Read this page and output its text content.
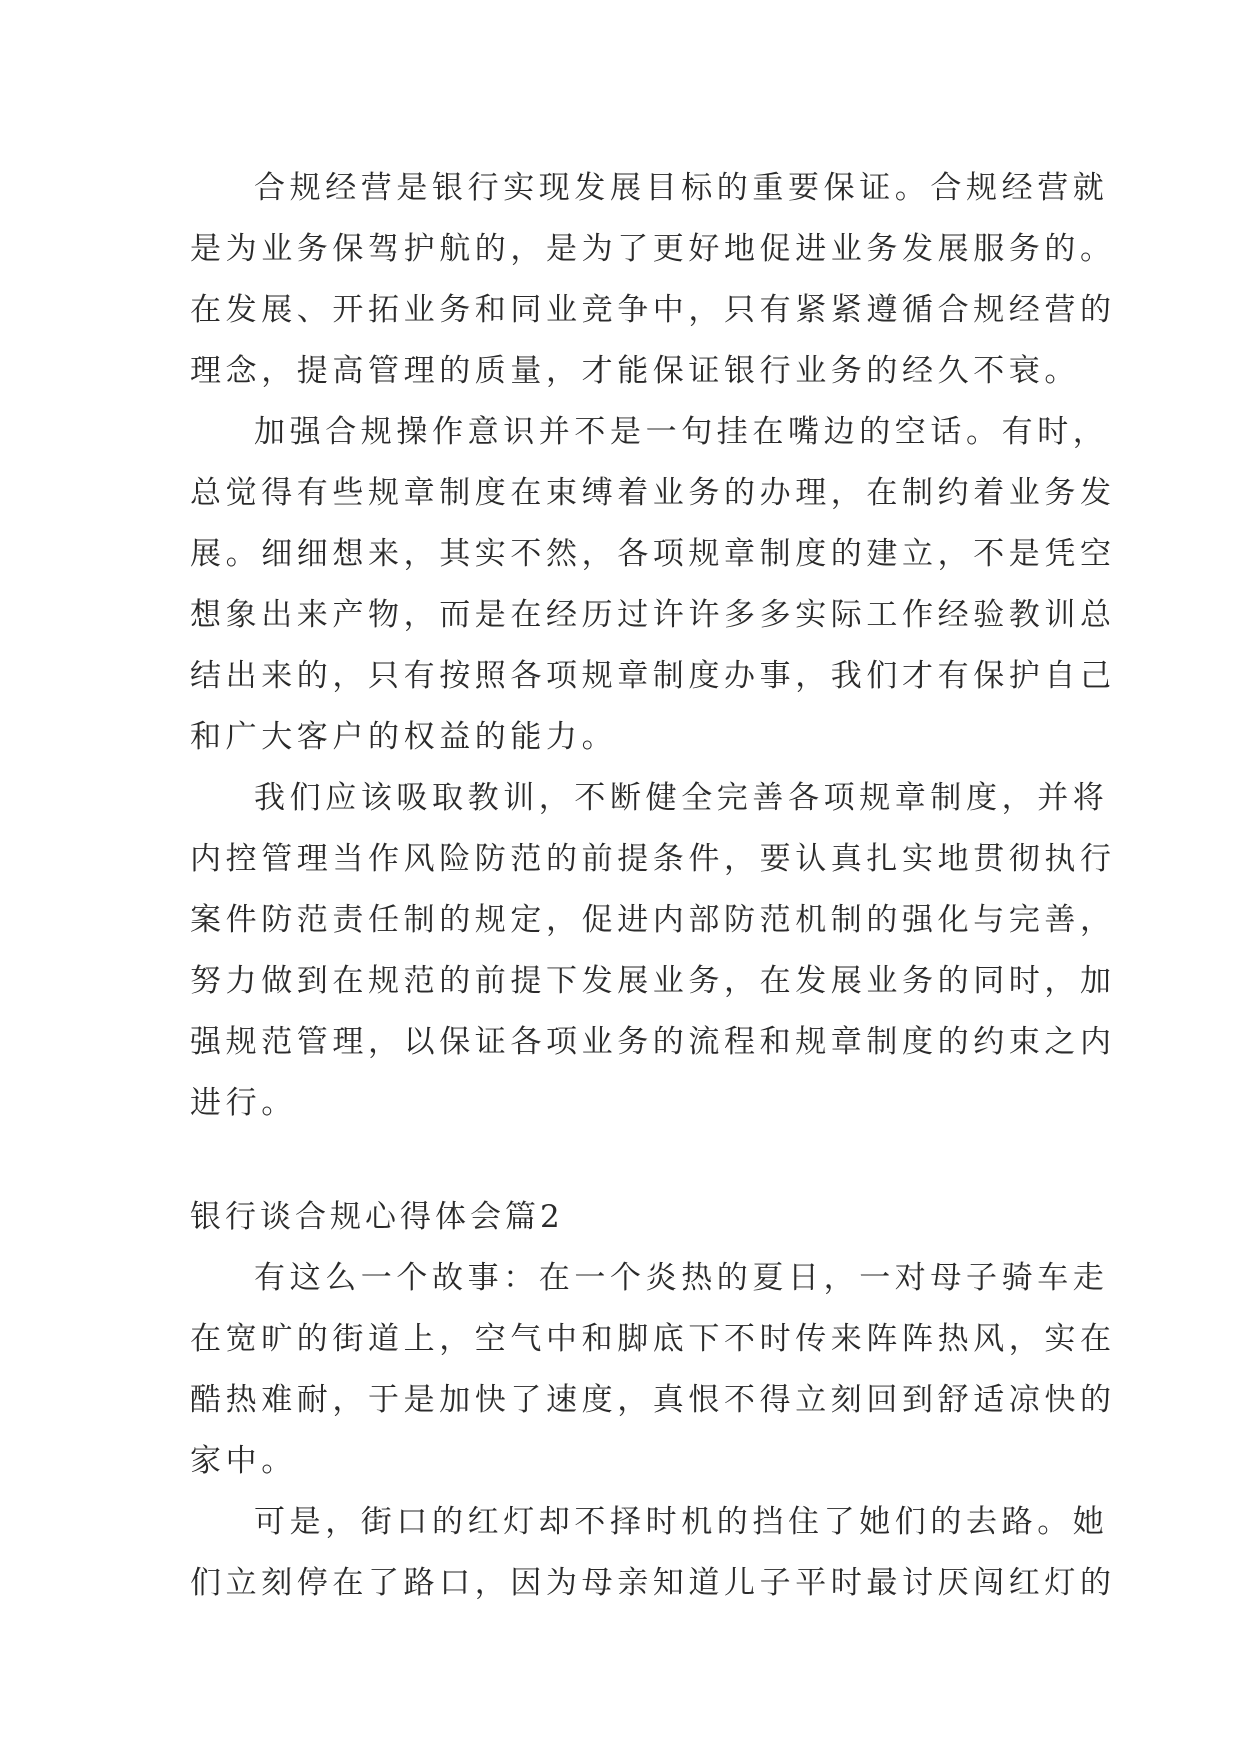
合规经营是银行实现发展目标的重要保证。合规经营就
是为业务保驾护航的，是为了更好地促进业务发展服务的。
在发展、开拓业务和同业竞争中，只有紧紧遵循合规经营的
理念，提高管理的质量，才能保证银行业务的经久不衰。
加强合规操作意识并不是一句挂在嘴边的空话。有时，
总觉得有些规章制度在束缚着业务的办理，在制约着业务发
展。细细想来，其实不然，各项规章制度的建立，不是凭空
想象出来产物，而是在经历过许许多多实际工作经验教训总
结出来的，只有按照各项规章制度办事，我们才有保护自己
和广大客户的权益的能力。
我们应该吸取教训，不断健全完善各项规章制度，并将
内控管理当作风险防范的前提条件，要认真扎实地贯彻执行
案件防范责任制的规定，促进内部防范机制的强化与完善，
努力做到在规范的前提下发展业务，在发展业务的同时，加
强规范管理，以保证各项业务的流程和规章制度的约束之内
进行。
银行谈合规心得体会篇2
有这么一个故事：在一个炎热的夏日，一对母子骑车走
在宽旷的街道上，空气中和脚底下不时传来阵阵热风，实在
酷热难耐，于是加快了速度，真恨不得立刻回到舒适凉快的
家中。
可是，街口的红灯却不择时机的挡住了她们的去路。她
们立刻停在了路口，因为母亲知道儿子平时最讨厌闯红灯的
